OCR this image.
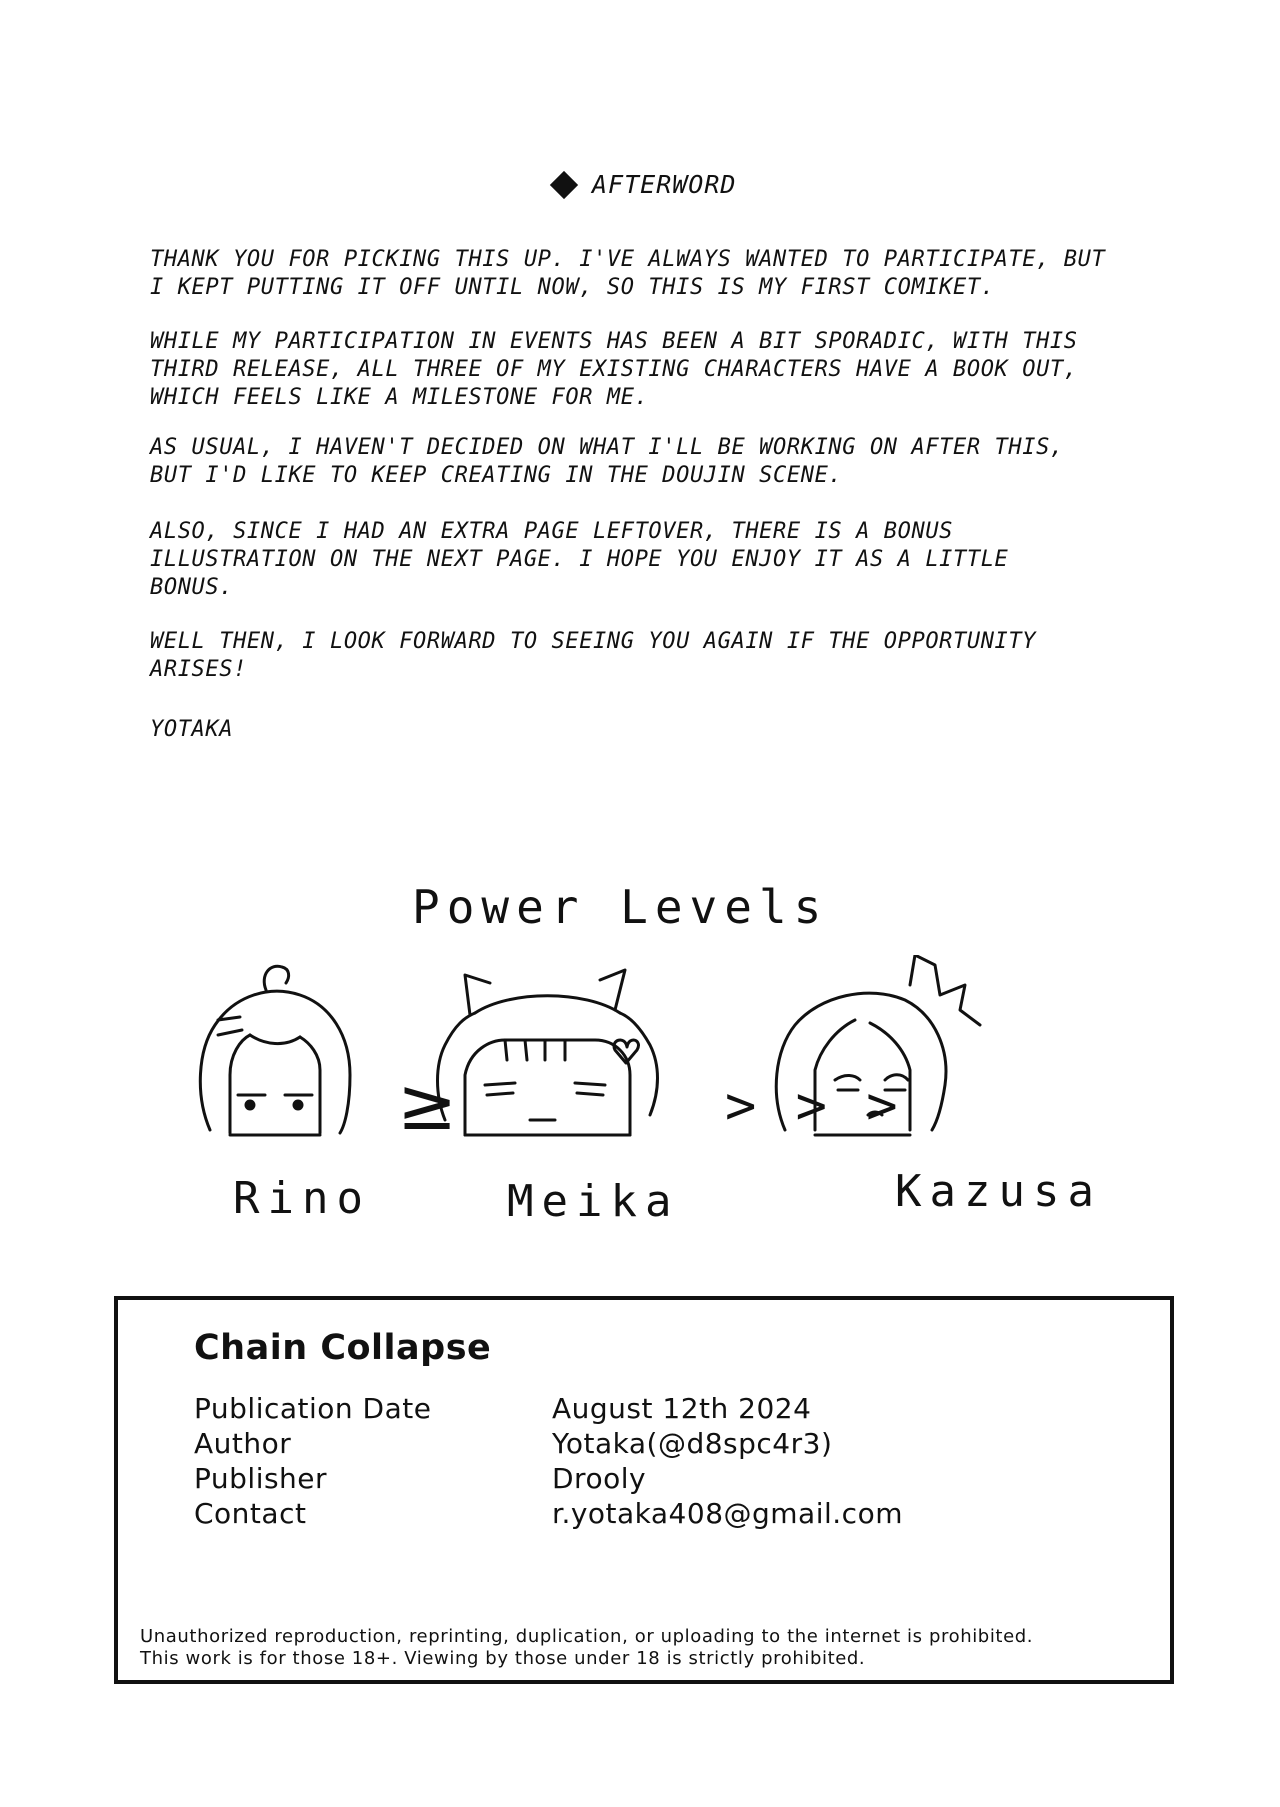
AFTERWORD
THANK YOU FOR PICKING THIS UP. I'VE ALWAYS WANTED TO PARTICIPATE, BUT
I KEPT PUTTING IT OFF UNTIL NOW, SO THIS IS MY FIRST COMIKET.
WHILE MY PARTICIPATION IN EVENTS HAS BEEN A BIT SPORADIC, WITH THIS
THIRD RELEASE, ALL THREE OF MY EXISTING CHARACTERS HAVE A BOOK OUT,
WHICH FEELS LIKE A MILESTONE FOR ME.
AS USUAL, I HAVEN'T DECIDED ON WHAT I'LL BE WORKING ON AFTER THIS,
BUT I'D LIKE TO KEEP CREATING IN THE DOUJIN SCENE.
ALSO, SINCE I HAD AN EXTRA PAGE LEFTOVER, THERE IS A BONUS
ILLUSTRATION ON THE NEXT PAGE. I HOPE YOU ENJOY IT AS A LITTLE
BONUS.
WELL THEN, I LOOK FORWARD TO SEEING YOU AGAIN IF THE OPPORTUNITY
ARISES!
YOTAKA
Power Levels
≥	> > >
Rino	Meika	Kazusa
Chain Collapse
Publication Date	August 12th 2024
Author	Yotaka(@d8spc4r3)
Publisher	Drooly
Contact	r.yotaka408@gmail.com
Unauthorized reproduction, reprinting, duplication, or uploading to the internet is prohibited.
This work is for those 18+. Viewing by those under 18 is strictly prohibited.
